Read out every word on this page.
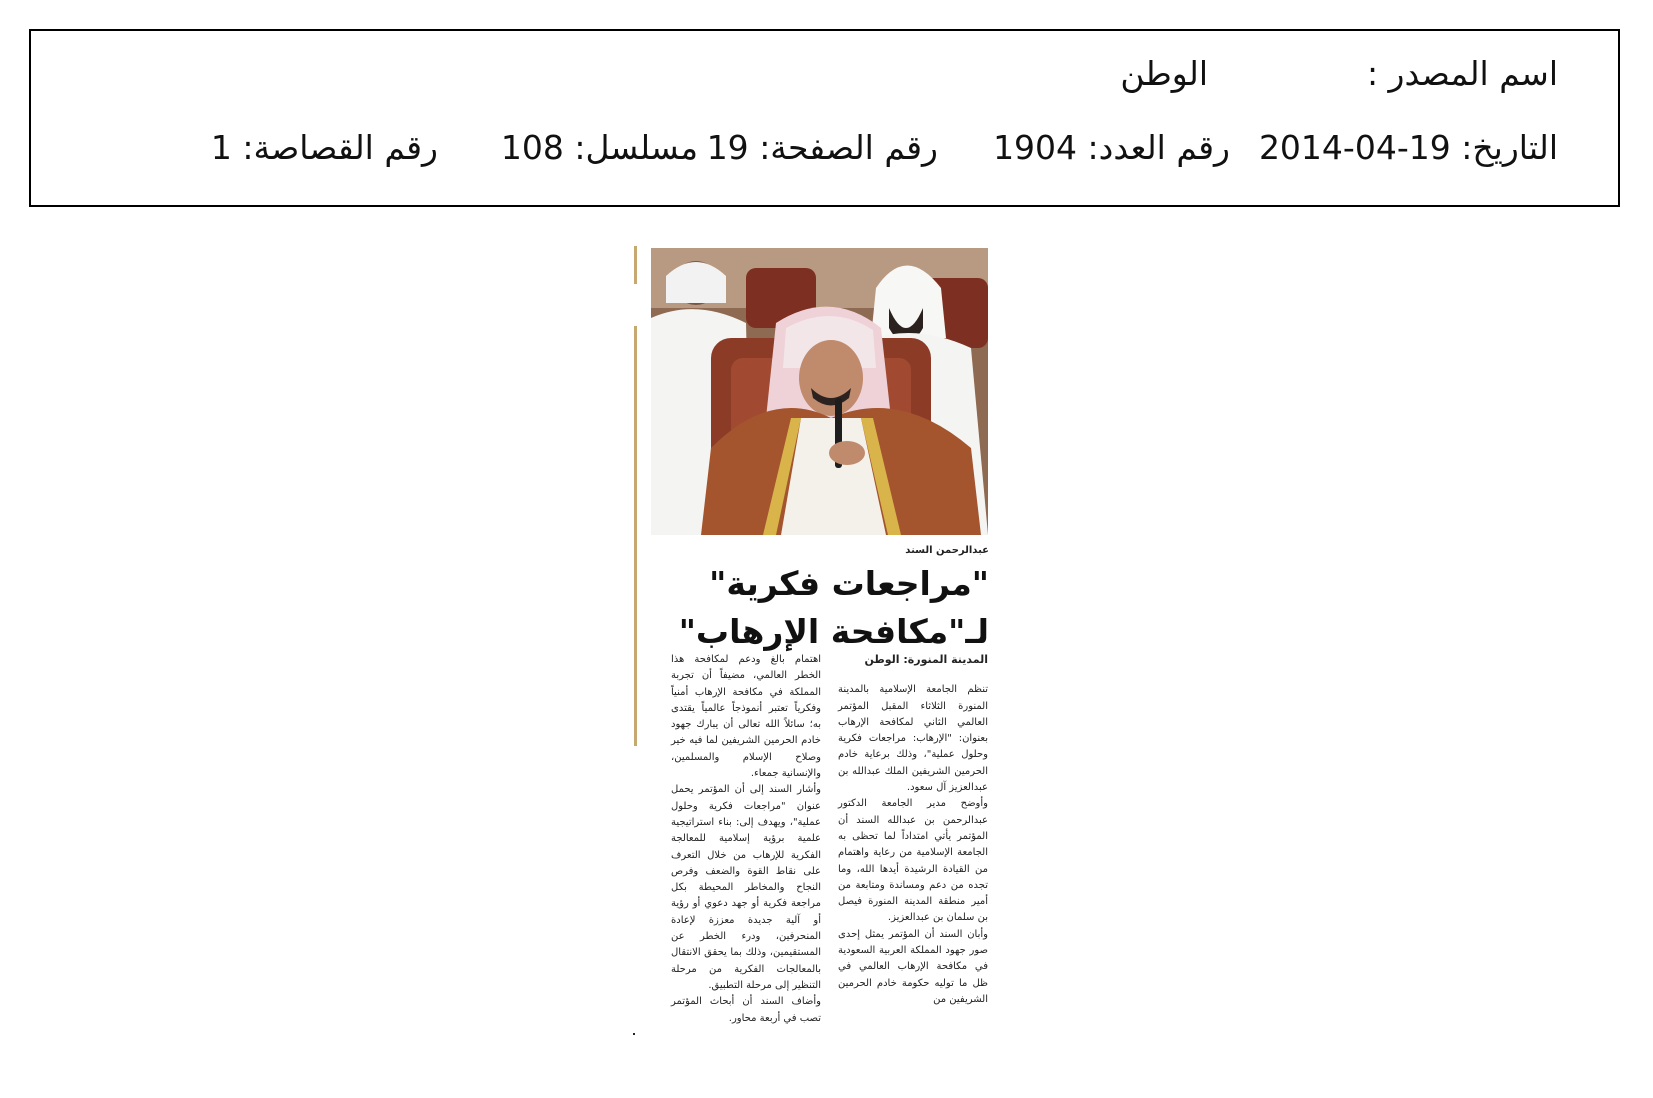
اسم المصدر :
الوطن
التاريخ: 2014-04-19
رقم العدد: 1904
رقم الصفحة: 19
مسلسل: 108
رقم القصاصة: 1
عبدالرحمن السند
"مراجعات فكرية"
لـ"مكافحة الإرهاب"
المدينة المنورة: الوطن

تنظم الجامعة الإسلامية بالمدينة المنورة الثلاثاء المقبل المؤتمر العالمي الثاني لمكافحة الإرهاب بعنوان: "الإرهاب: مراجعات فكرية وحلول عملية"، وذلك برعاية خادم الحرمين الشريفين الملك عبدالله بن عبدالعزيز آل سعود.

وأوضح مدير الجامعة الدكتور عبدالرحمن بن عبدالله السند أن المؤتمر يأتي امتداداً لما تحظى به الجامعة الإسلامية من رعاية واهتمام من القيادة الرشيدة أيدها الله، وما تجده من دعم ومساندة ومتابعة من أمير منطقة المدينة المنورة فيصل بن سلمان بن عبدالعزيز.

وأبان السند أن المؤتمر يمثل إحدى صور جهود المملكة العربية السعودية في مكافحة الإرهاب العالمي في ظل ما توليه حكومة خادم الحرمين الشريفين من

اهتمام بالغ ودعم لمكافحة هذا الخطر العالمي، مضيفاً أن تجربة المملكة في مكافحة الإرهاب أمنياً وفكرياً تعتبر أنموذجاً عالمياً يقتدى به؛ سائلاً الله تعالى أن يبارك جهود خادم الحرمين الشريفين لما فيه خير وصلاح الإسلام والمسلمين، والإنسانية جمعاء.

وأشار السند إلى أن المؤتمر يحمل عنوان "مراجعات فكرية وحلول عملية"، ويهدف إلى: بناء استراتيجية علمية برؤية إسلامية للمعالجة الفكرية للإرهاب من خلال التعرف على نقاط القوة والضعف وفرص النجاح والمخاطر المحيطة بكل مراجعة فكرية أو جهد دعوي أو رؤية أو آلية جديدة معززة لإعادة المنحرفين، ودرء الخطر عن المستقيمين، وذلك بما يحقق الانتقال بالمعالجات الفكرية من مرحلة التنظير إلى مرحلة التطبيق.

وأضاف السند أن أبحاث المؤتمر تصب في أربعة محاور.
